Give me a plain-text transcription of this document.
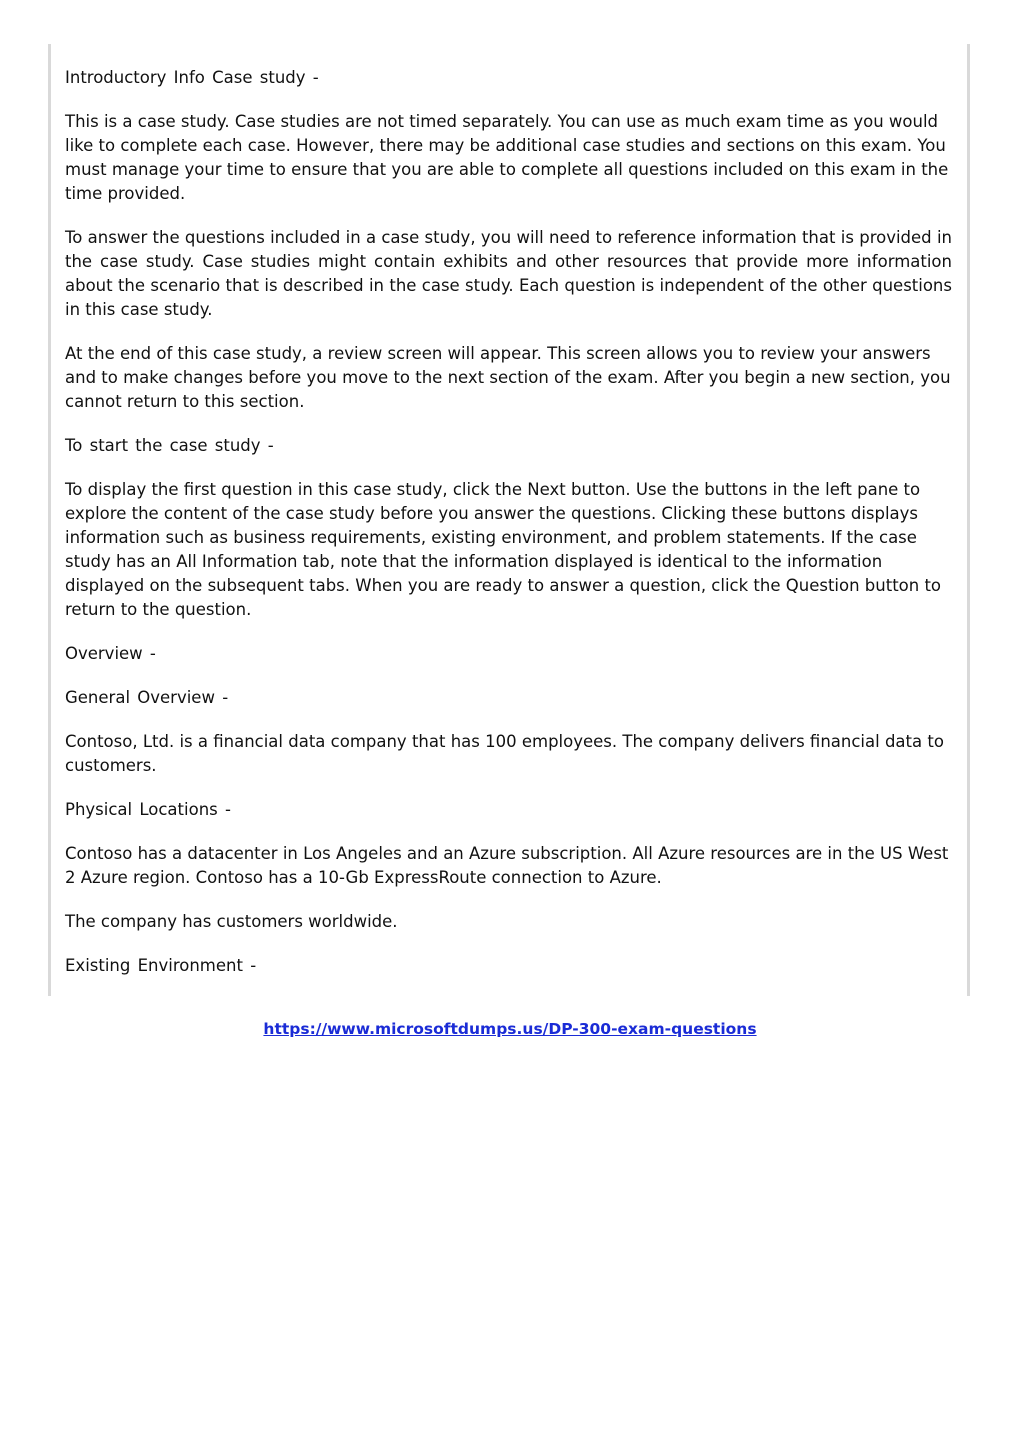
Introductory Info Case study -

This is a case study. Case studies are not timed separately. You can use as much exam time as you would like to complete each case. However, there may be additional case studies and sections on this exam. You must manage your time to ensure that you are able to complete all questions included on this exam in the time provided.

To answer the questions included in a case study, you will need to reference information that is provided in the case study. Case studies might contain exhibits and other resources that provide more information about the scenario that is described in the case study. Each question is independent of the other questions in this case study.

At the end of this case study, a review screen will appear. This screen allows you to review your answers and to make changes before you move to the next section of the exam. After you begin a new section, you cannot return to this section.

To start the case study -

To display the first question in this case study, click the Next button. Use the buttons in the left pane to explore the content of the case study before you answer the questions. Clicking these buttons displays information such as business requirements, existing environment, and problem statements. If the case study has an All Information tab, note that the information displayed is identical to the information displayed on the subsequent tabs. When you are ready to answer a question, click the Question button to return to the question.

Overview -

General Overview -

Contoso, Ltd. is a financial data company that has 100 employees. The company delivers financial data to customers.

Physical Locations -

Contoso has a datacenter in Los Angeles and an Azure subscription. All Azure resources are in the US West 2 Azure region. Contoso has a 10-Gb ExpressRoute connection to Azure.

The company has customers worldwide.

Existing Environment -

https://www.microsoftdumps.us/DP-300-exam-questions
